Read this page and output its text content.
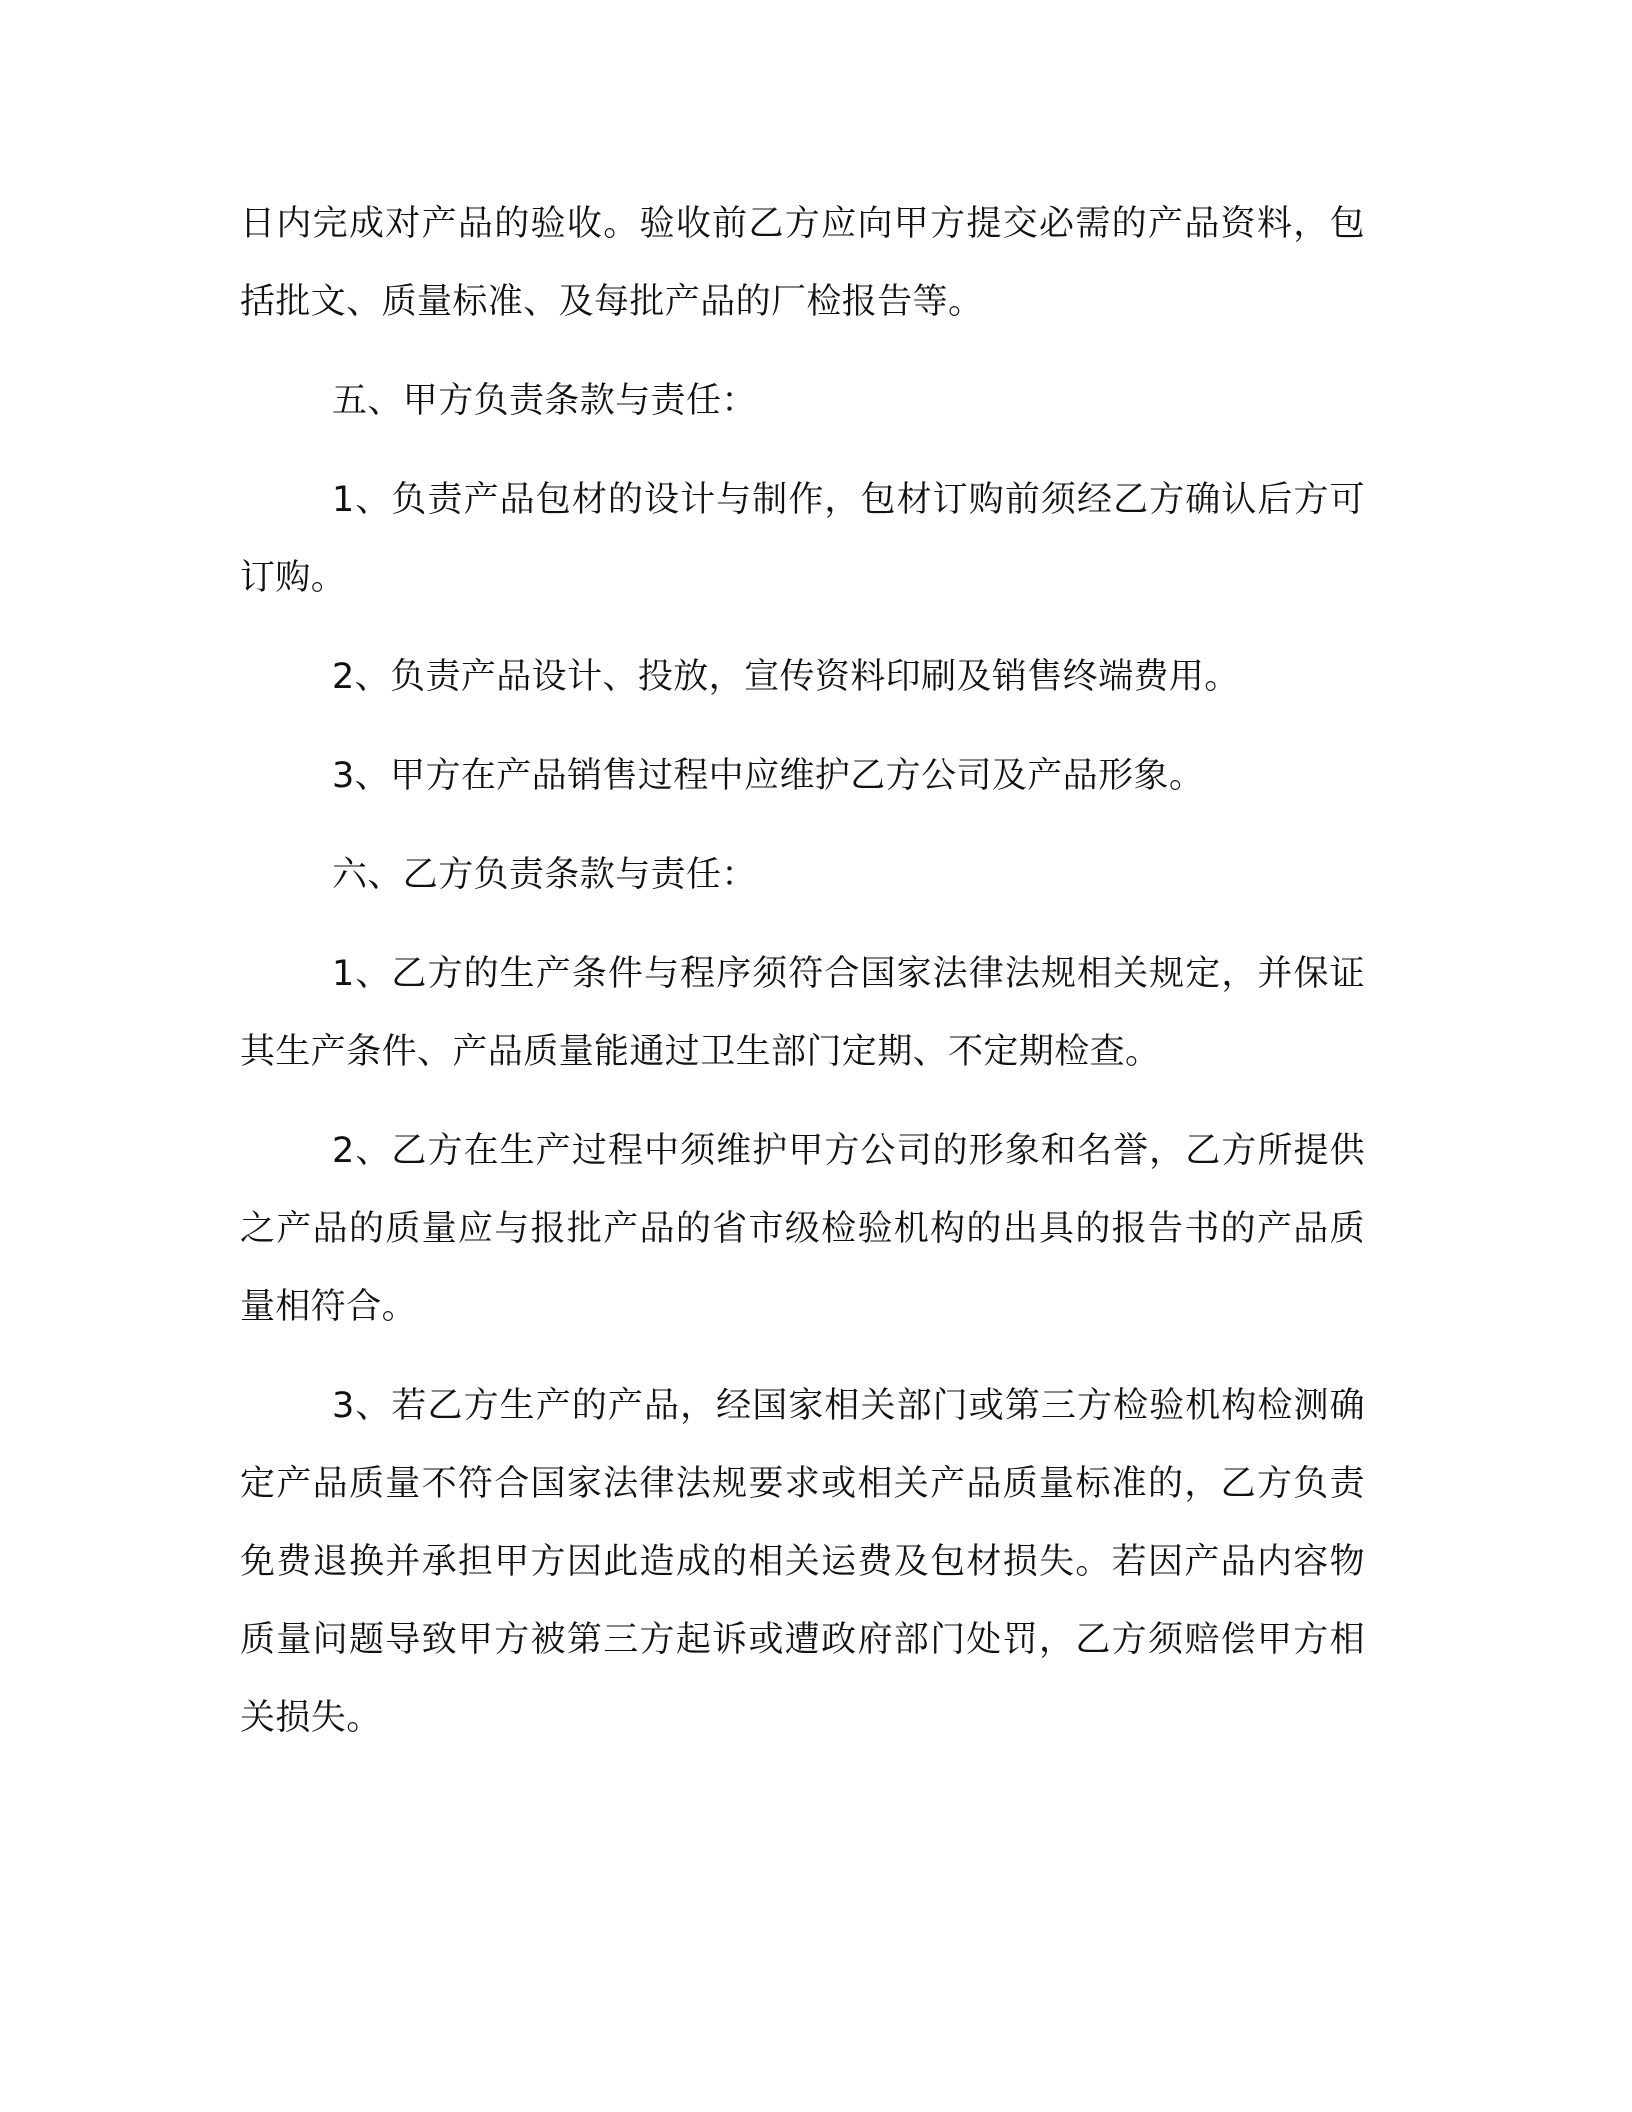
日内完成对产品的验收。验收前乙方应向甲方提交必需的产品资料，包括批文、质量标准、及每批产品的厂检报告等。

五、甲方负责条款与责任：

1、负责产品包材的设计与制作，包材订购前须经乙方确认后方可订购。

2、负责产品设计、投放，宣传资料印刷及销售终端费用。

3、甲方在产品销售过程中应维护乙方公司及产品形象。

六、乙方负责条款与责任：

1、乙方的生产条件与程序须符合国家法律法规相关规定，并保证其生产条件、产品质量能通过卫生部门定期、不定期检查。

2、乙方在生产过程中须维护甲方公司的形象和名誉，乙方所提供之产品的质量应与报批产品的省市级检验机构的出具的报告书的产品质量相符合。

3、若乙方生产的产品，经国家相关部门或第三方检验机构检测确定产品质量不符合国家法律法规要求或相关产品质量标准的，乙方负责免费退换并承担甲方因此造成的相关运费及包材损失。若因产品内容物质量问题导致甲方被第三方起诉或遭政府部门处罚，乙方须赔偿甲方相关损失。
